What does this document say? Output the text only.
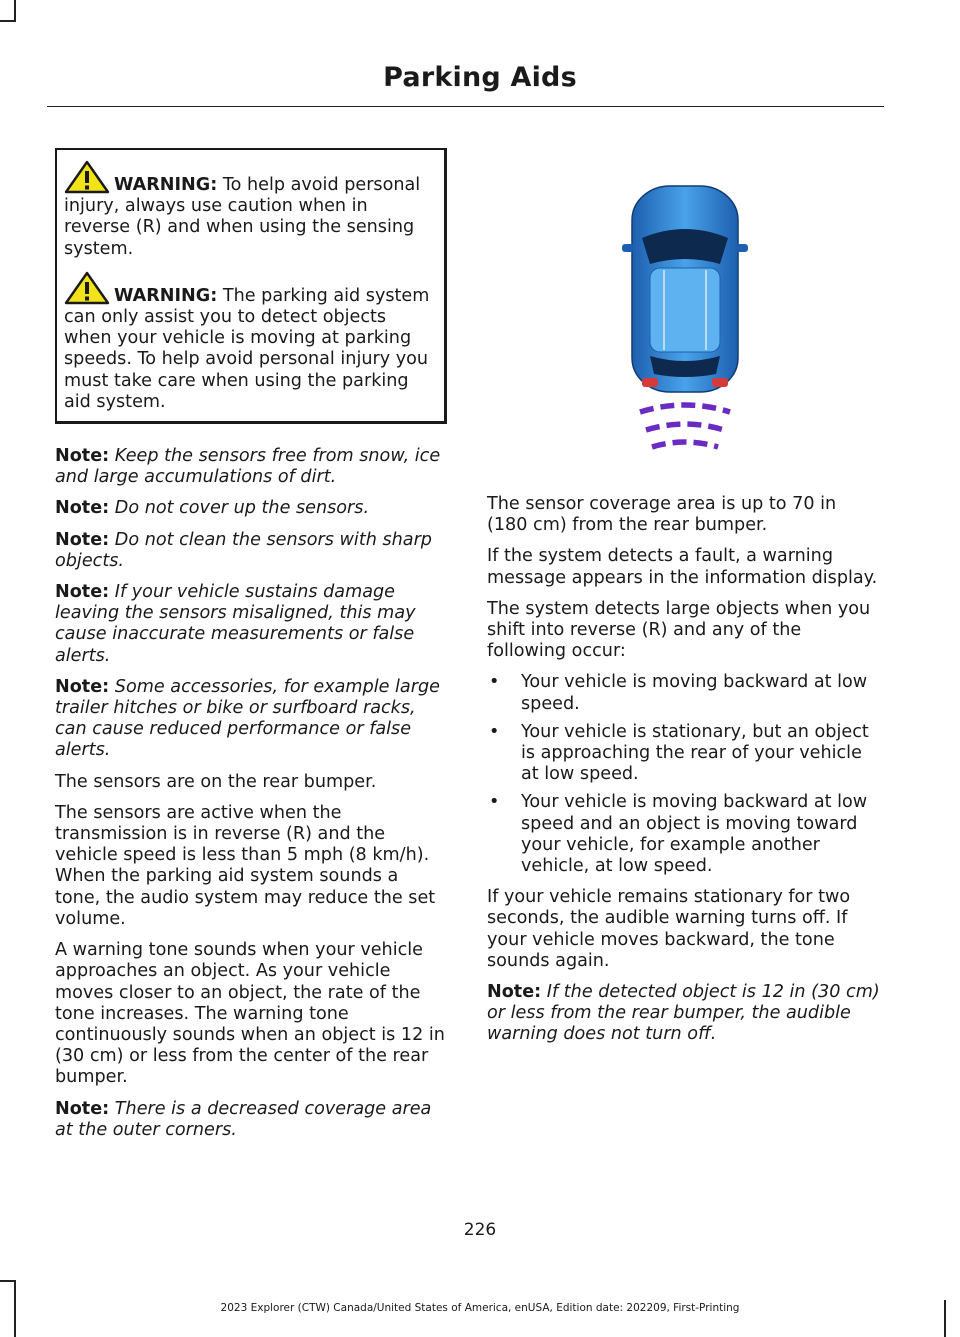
Parking Aids

WARNING: To help avoid personal injury, always use caution when in reverse (R) and when using the sensing system.

WARNING: The parking aid system can only assist you to detect objects when your vehicle is moving at parking speeds. To help avoid personal injury you must take care when using the parking aid system.

Note: Keep the sensors free from snow, ice and large accumulations of dirt.

Note: Do not cover up the sensors.

Note: Do not clean the sensors with sharp objects.

Note: If your vehicle sustains damage leaving the sensors misaligned, this may cause inaccurate measurements or false alerts.

Note: Some accessories, for example large trailer hitches or bike or surfboard racks, can cause reduced performance or false alerts.

The sensors are on the rear bumper.

The sensors are active when the transmission is in reverse (R) and the vehicle speed is less than 5 mph (8 km/h). When the parking aid system sounds a tone, the audio system may reduce the set volume.

A warning tone sounds when your vehicle approaches an object. As your vehicle moves closer to an object, the rate of the tone increases. The warning tone continuously sounds when an object is 12 in (30 cm) or less from the center of the rear bumper.

Note: There is a decreased coverage area at the outer corners.

The sensor coverage area is up to 70 in (180 cm) from the rear bumper.

If the system detects a fault, a warning message appears in the information display.

The system detects large objects when you shift into reverse (R) and any of the following occur:

• Your vehicle is moving backward at low speed.
• Your vehicle is stationary, but an object is approaching the rear of your vehicle at low speed.
• Your vehicle is moving backward at low speed and an object is moving toward your vehicle, for example another vehicle, at low speed.

If your vehicle remains stationary for two seconds, the audible warning turns off. If your vehicle moves backward, the tone sounds again.

Note: If the detected object is 12 in (30 cm) or less from the rear bumper, the audible warning does not turn off.

226
2023 Explorer (CTW) Canada/United States of America, enUSA, Edition date: 202209, First-Printing
